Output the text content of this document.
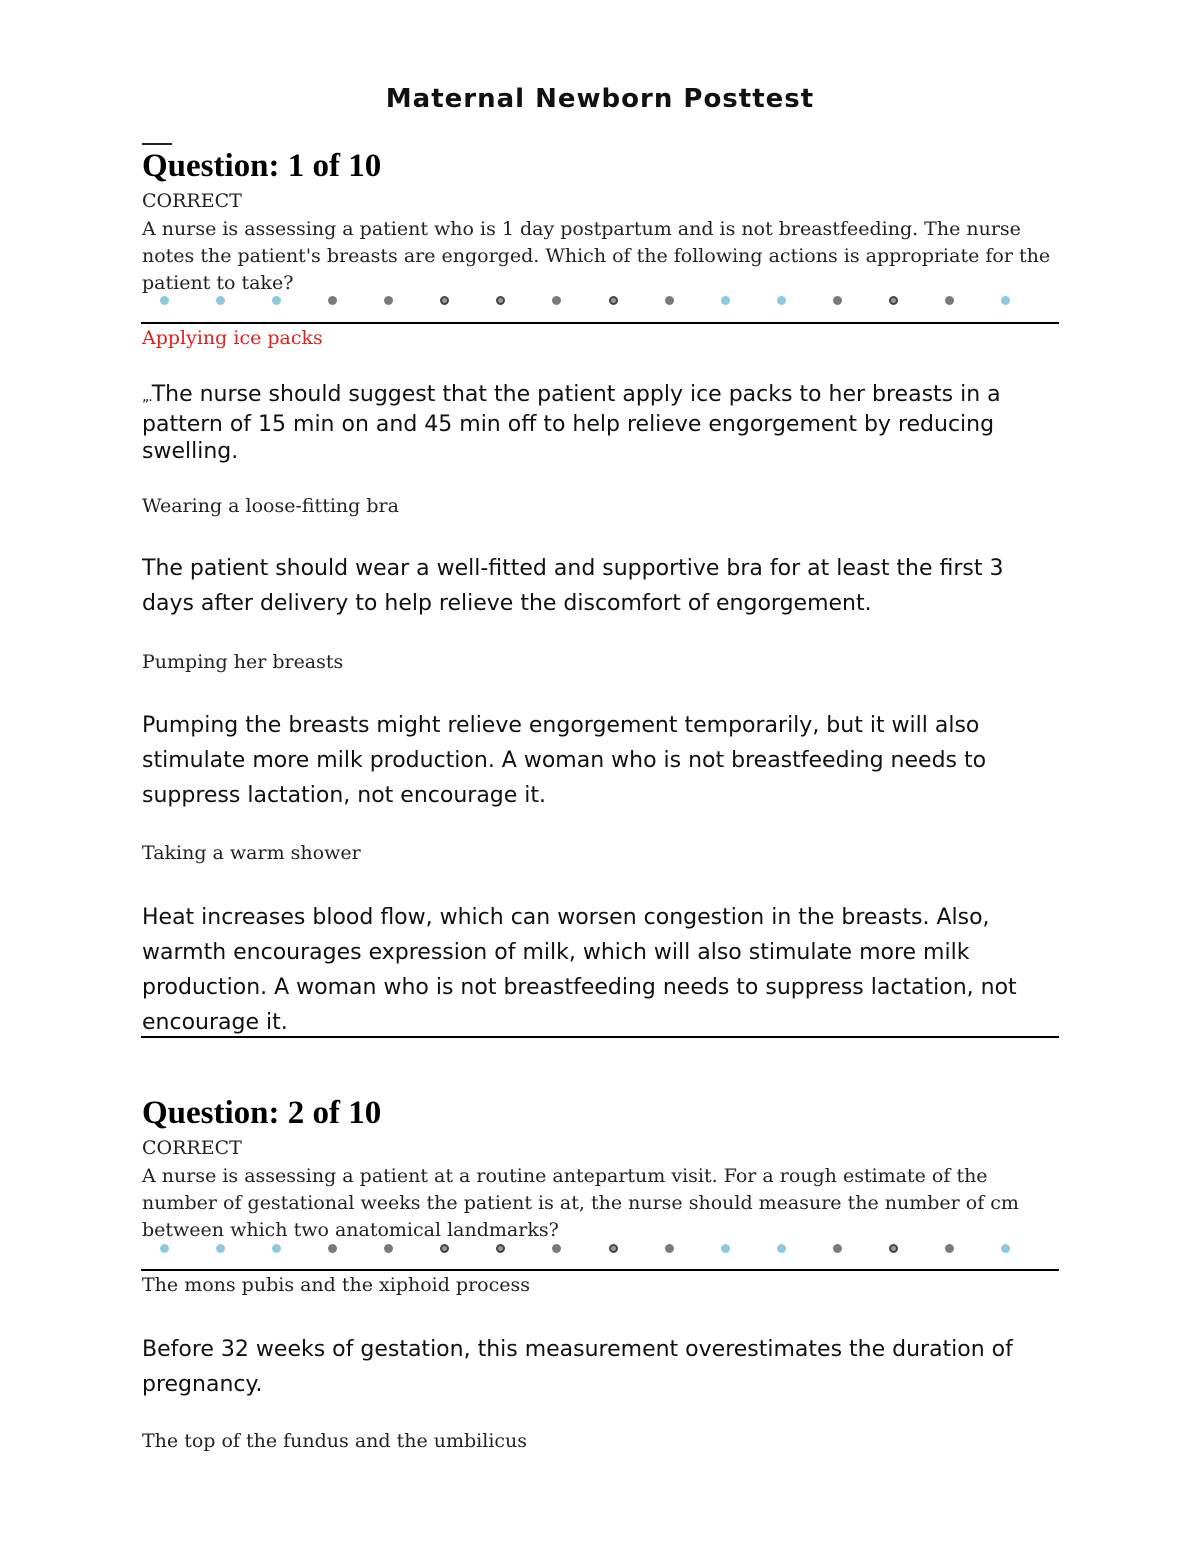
Maternal Newborn Posttest
Question: 1 of 10
CORRECT
A nurse is assessing a patient who is 1 day postpartum and is not breastfeeding. The nurse notes the patient's breasts are engorged. Which of the following actions is appropriate for the patient to take?
Applying ice packs
„.The nurse should suggest that the patient apply ice packs to her breasts in a pattern of 15 min on and 45 min off to help relieve engorgement by reducing swelling.
Wearing a loose-fitting bra
The patient should wear a well-fitted and supportive bra for at least the first 3 days after delivery to help relieve the discomfort of engorgement.
Pumping her breasts
Pumping the breasts might relieve engorgement temporarily, but it will also stimulate more milk production. A woman who is not breastfeeding needs to suppress lactation, not encourage it.
Taking a warm shower
Heat increases blood flow, which can worsen congestion in the breasts. Also, warmth encourages expression of milk, which will also stimulate more milk production. A woman who is not breastfeeding needs to suppress lactation, not encourage it.
Question: 2 of 10
CORRECT
A nurse is assessing a patient at a routine antepartum visit. For a rough estimate of the number of gestational weeks the patient is at, the nurse should measure the number of cm between which two anatomical landmarks?
The mons pubis and the xiphoid process
Before 32 weeks of gestation, this measurement overestimates the duration of pregnancy.
The top of the fundus and the umbilicus
